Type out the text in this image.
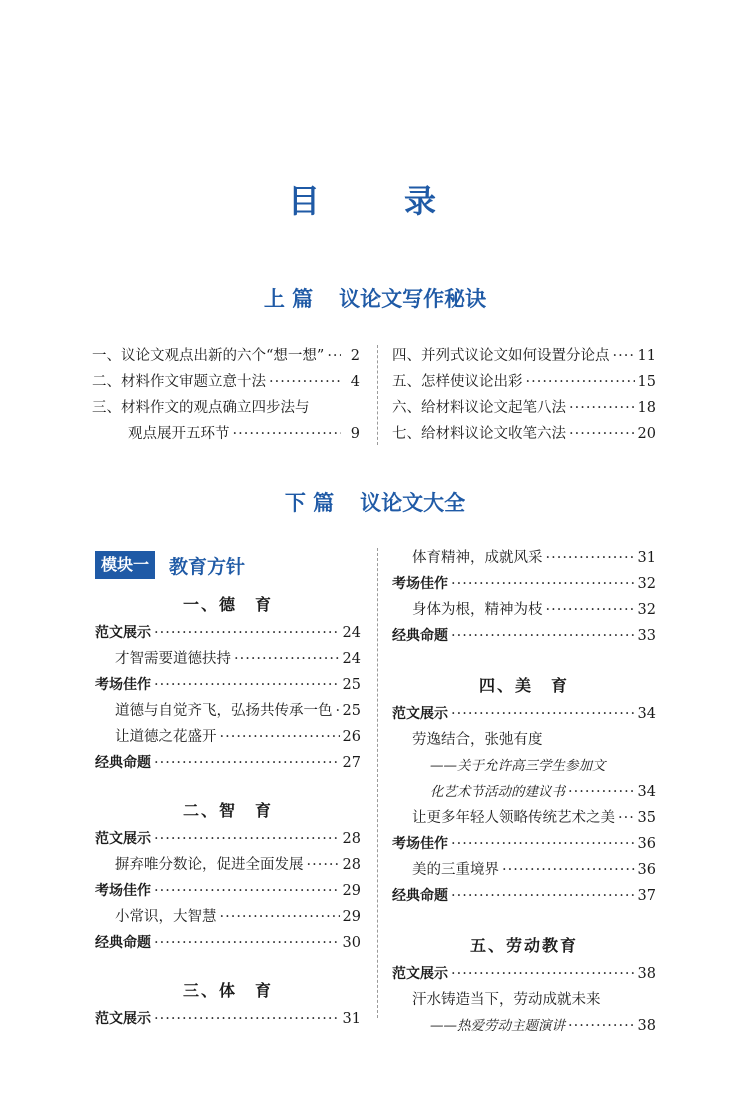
目　录
上 篇 议论文写作秘诀
一、议论文观点出新的六个“想一想” ·····	2
二、材料作文审题立意十法 ·····	4
三、材料作文的观点确立四步法与
观点展开五环节 ·····	9
四、并列式议论文如何设置分论点 ····· 11
五、怎样使议论出彩 ·····	15
六、给材料议论文起笔八法 ·····	18
七、给材料议论文收笔六法 ·····	20
下 篇 议论文大全
模块一	教育方针
一、德　育
范文展示 ·····	24
才智需要道德扶持 ·····	24
考场佳作 ·····	25
道德与自觉齐飞，弘扬共传承一色 ····· 25
让道德之花盛开 ·····	26
经典命题 ·····	27
二、智　育
范文展示 ·····	28
摒弃唯分数论，促进全面发展 ·····	28
考场佳作 ·····	29
小常识，大智慧 ·····	29
经典命题 ·····	30
三、体　育
范文展示 ·····	31
体育精神，成就风采 ·····	31
考场佳作 ·····	32
身体为根，精神为枝 ·····	32
经典命题 ·····	33
四、美　育
范文展示 ·····	34
劳逸结合，张弛有度
——关于允许高三学生参加文
化艺术节活动的建议书 ·····	34
让更多年轻人领略传统艺术之美 ····· 35
考场佳作 ·····	36
美的三重境界 ·····	36
经典命题 ·····	37
五、劳动教育
范文展示 ·····	38
汗水铸造当下，劳动成就未来
——热爱劳动主题演讲 ·····	38
